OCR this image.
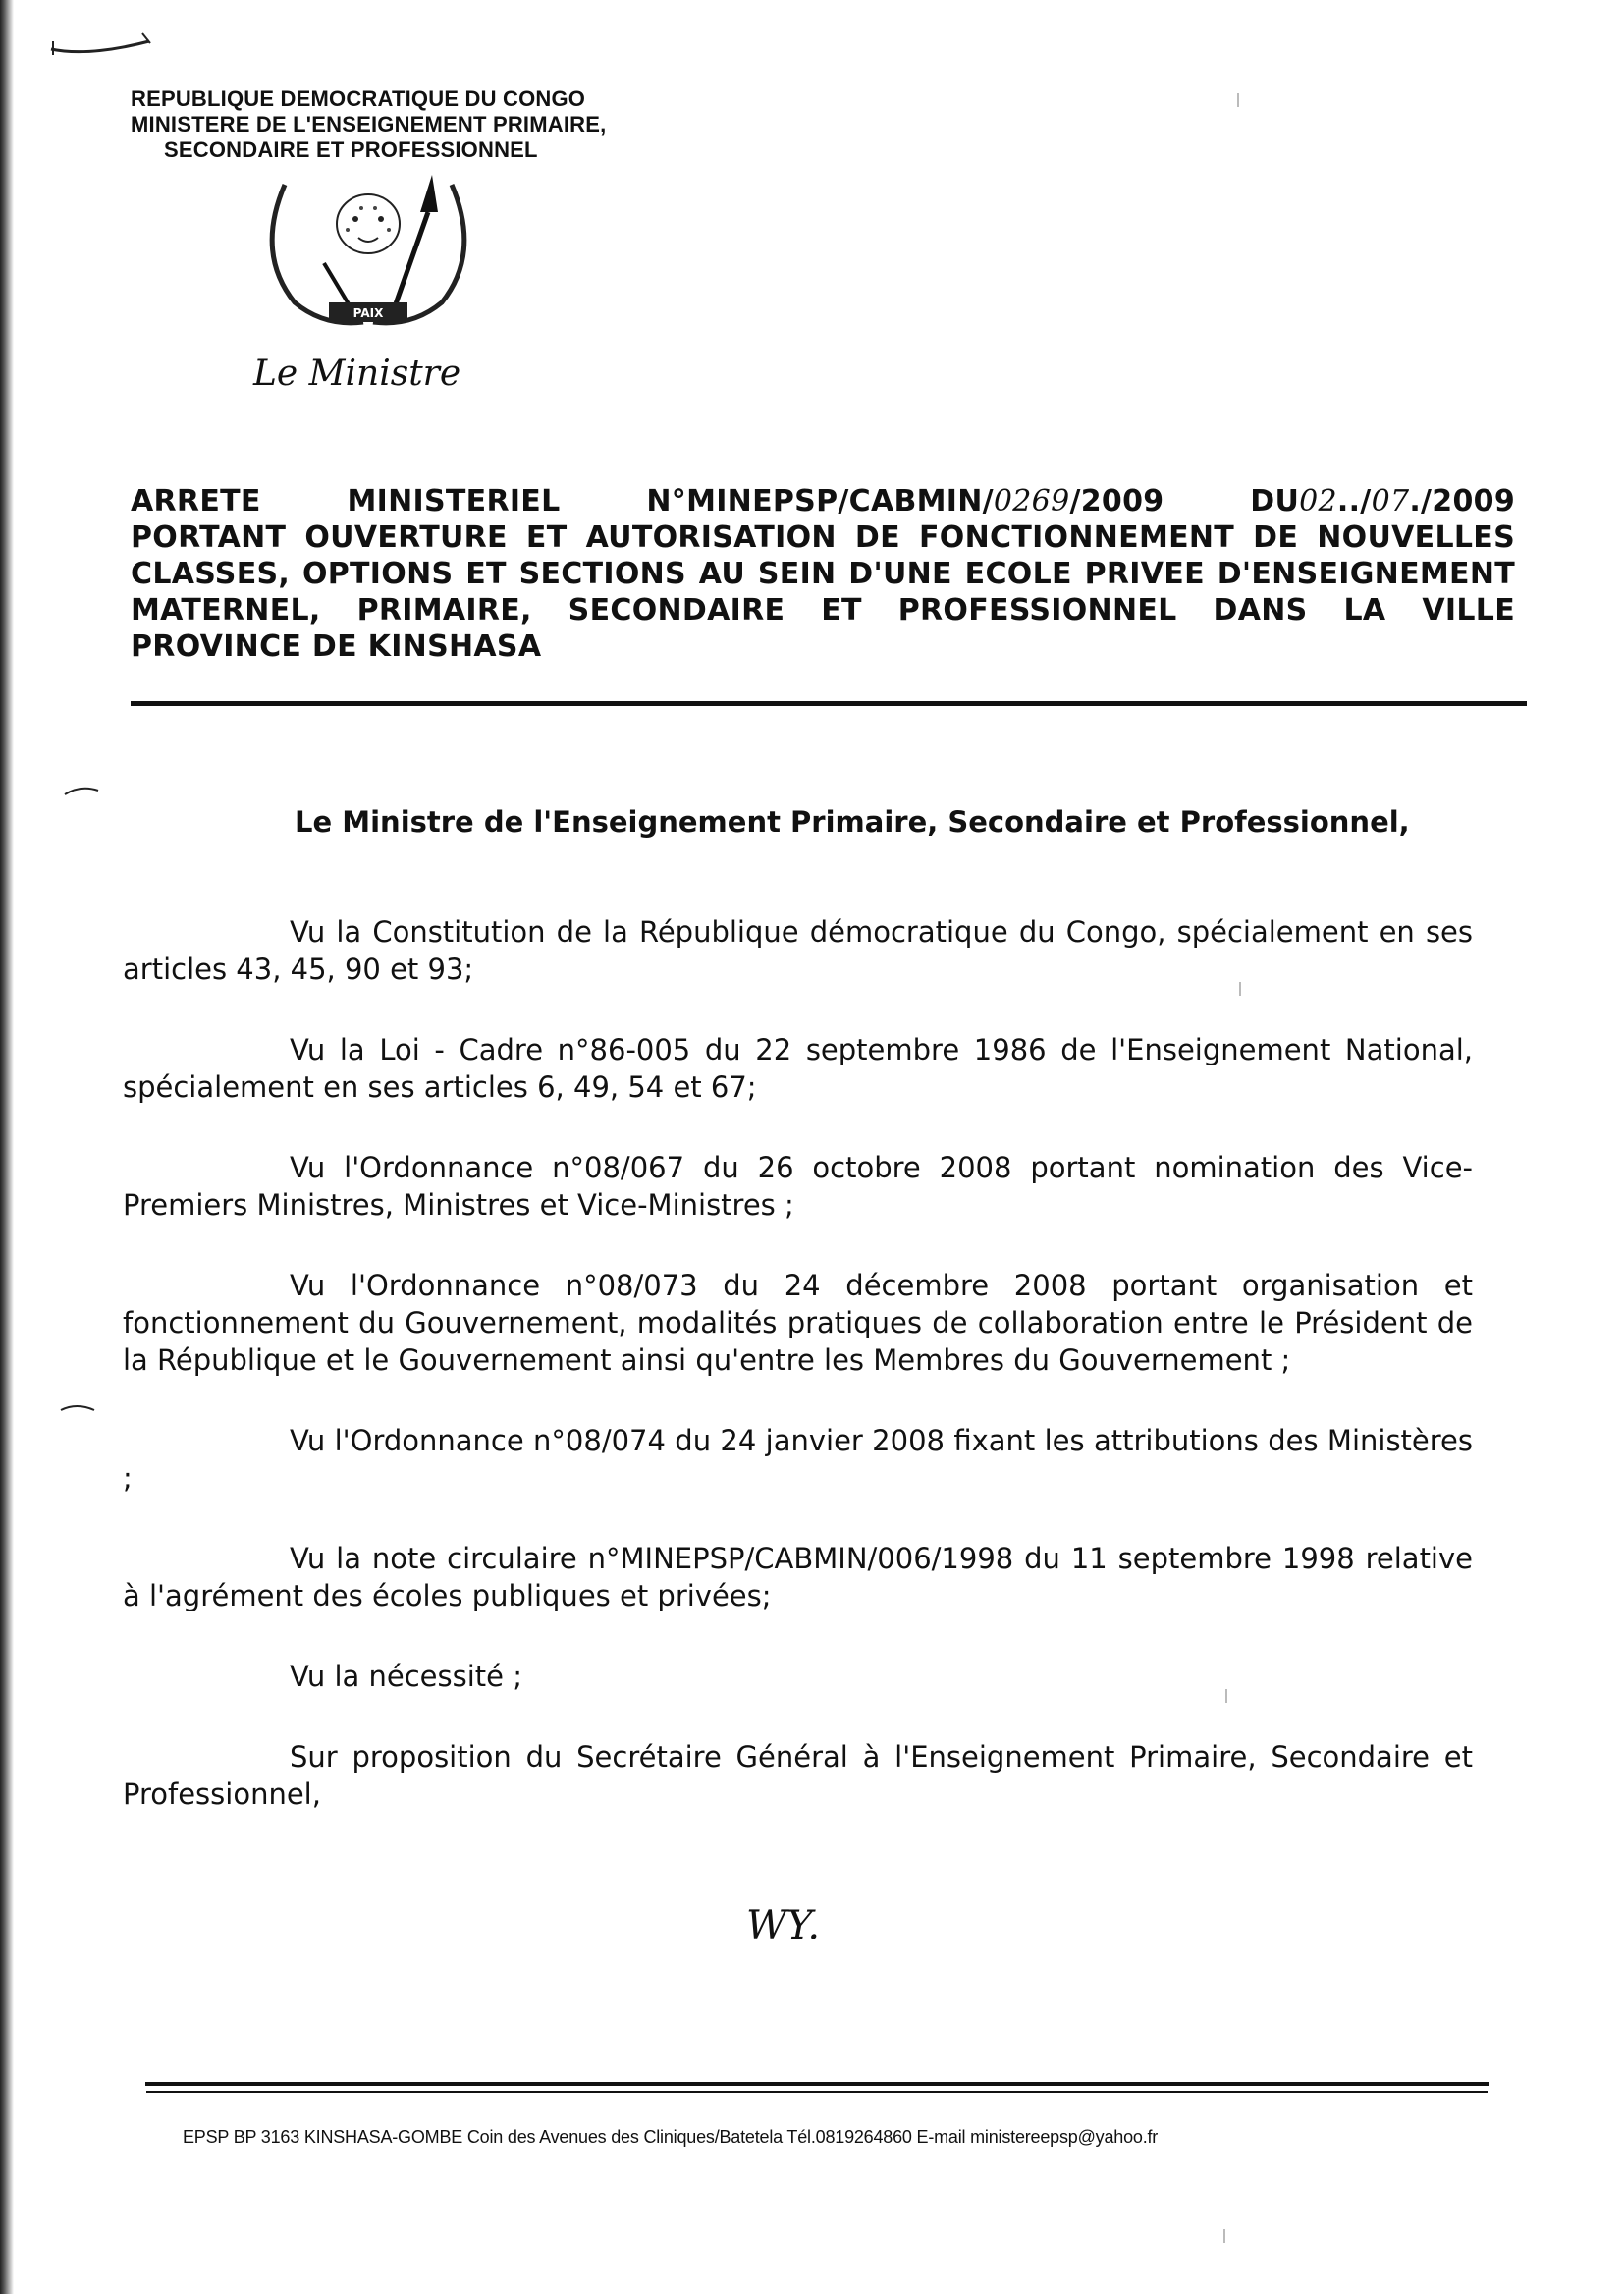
REPUBLIQUE DEMOCRATIQUE DU CONGO
MINISTERE DE L'ENSEIGNEMENT PRIMAIRE,
SECONDAIRE ET PROFESSIONNEL
PAIX
Le Ministre
ARRETE	MINISTERIEL	N°MINEPSP/CABMIN/0269/2009	DU02../07./2009
PORTANT OUVERTURE ET AUTORISATION DE FONCTIONNEMENT DE NOUVELLES CLASSES, OPTIONS ET SECTIONS AU SEIN D'UNE ECOLE PRIVEE D'ENSEIGNEMENT MATERNEL, PRIMAIRE, SECONDAIRE ET PROFESSIONNEL DANS LA VILLE PROVINCE DE KINSHASA
Le Ministre de l'Enseignement Primaire, Secondaire et Professionnel,

Vu la Constitution de la République démocratique du Congo, spécialement en ses articles 43, 45, 90 et 93;

Vu la Loi - Cadre n°86-005 du 22 septembre 1986 de l'Enseignement National, spécialement en ses articles 6, 49, 54 et 67;

Vu l'Ordonnance n°08/067 du 26 octobre 2008 portant nomination des Vice-Premiers Ministres, Ministres et Vice-Ministres ;

Vu l'Ordonnance n°08/073 du 24 décembre 2008 portant organisation et fonctionnement du Gouvernement, modalités pratiques de collaboration entre le Président de la République et le Gouvernement ainsi qu'entre les Membres du Gouvernement ;

Vu l'Ordonnance n°08/074 du 24 janvier 2008 fixant les attributions des Ministères ;

Vu la note circulaire n°MINEPSP/CABMIN/006/1998 du 11 septembre 1998 relative à l'agrément des écoles publiques et privées;

Vu la nécessité ;

Sur proposition du Secrétaire Général à l'Enseignement Primaire, Secondaire et Professionnel,

WY.
EPSP BP 3163 KINSHASA-GOMBE Coin des Avenues des Cliniques/Batetela Tél.0819264860 E-mail ministereepsp@yahoo.fr
